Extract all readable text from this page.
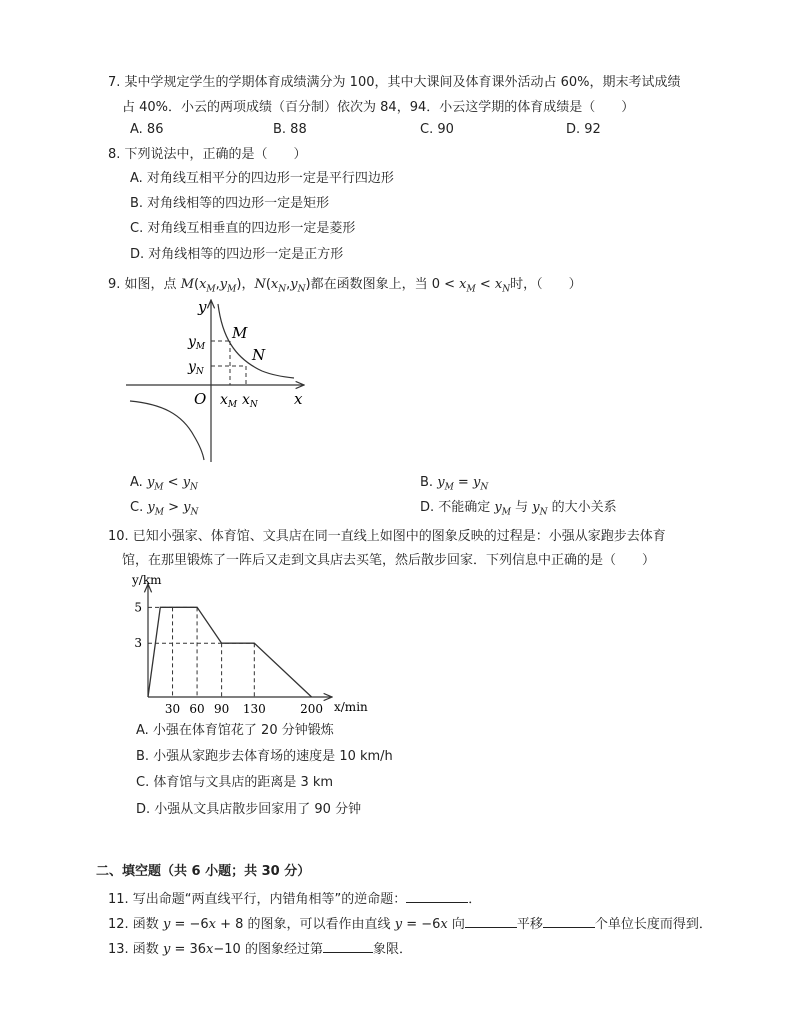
7. 某中学规定学生的学期体育成绩满分为 100，其中大课间及体育课外活动占 60%，期末考试成绩
占 40%．小云的两项成绩（百分制）依次为 84，94．小云这学期的体育成绩是（　　）
A. 86	B. 88	C. 90	D. 92
8. 下列说法中，正确的是（　　）
A. 对角线互相平分的四边形一定是平行四边形
B. 对角线相等的四边形一定是矩形
C. 对角线互相垂直的四边形一定是菱形
D. 对角线相等的四边形一定是正方形
9. 如图，点 $M(x_M,y_M)$，$N(x_N,y_N)$都在函数图象上，当 $0 < x_M < x_N$时，（　　）
y
x
O
M
N
$y_M$
$y_N$
$x_M$ $x_N$
A. $y_M < y_N$	B. $y_M = y_N$
C. $y_M > y_N$	D. 不能确定 $y_M$ 与 $y_N$ 的大小关系
10. 已知小强家、体育馆、文具店在同一直线上如图中的图象反映的过程是：小强从家跑步去体育
馆，在那里锻炼了一阵后又走到文具店去买笔，然后散步回家．下列信息中正确的是（　　）
30 60 90 130	200
5
3
y/km
x/min
A. 小强在体育馆花了 20 分钟锻炼
B. 小强从家跑步去体育场的速度是 10 km/h
C. 体育馆与文具店的距离是 3 km
D. 小强从文具店散步回家用了 90 分钟
二、填空题（共 6 小题；共 30 分）
11. 写出命题“两直线平行，内错角相等”的逆命题：	．
12. 函数 y = −6x + 8 的图象，可以看作由直线 y = −6x 向	平移	个单位长度而得到．
13. 函数 y = 36x−10 的图象经过第	象限．
